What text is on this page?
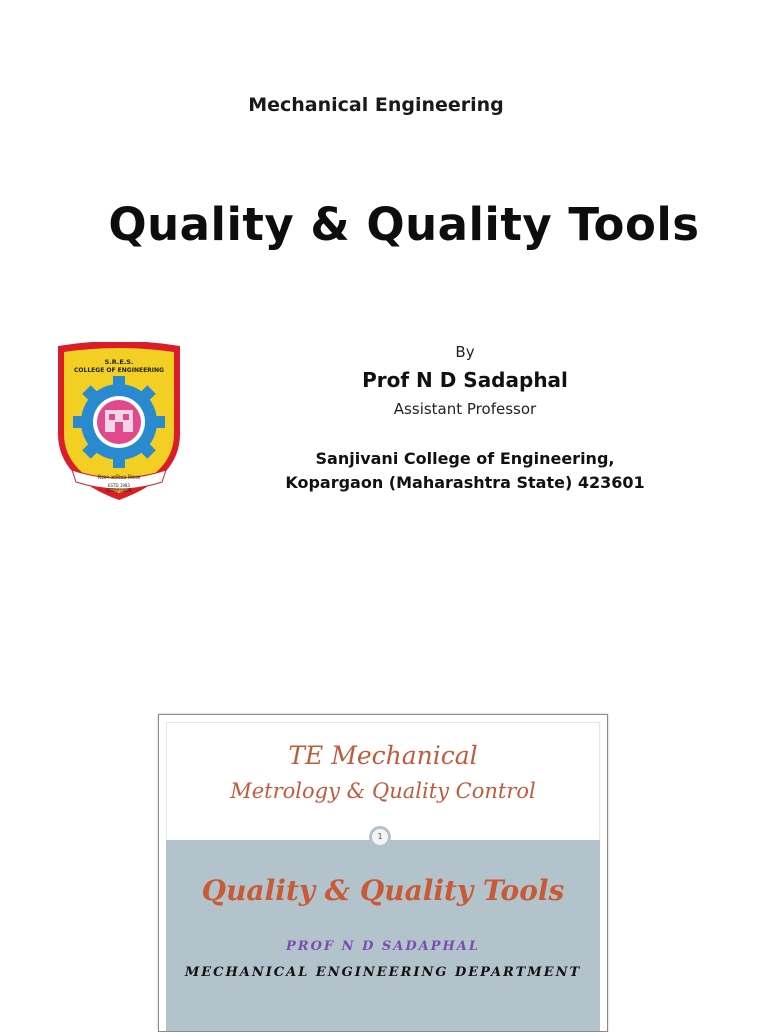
Mechanical Engineering
Quality & Quality Tools
S.R.E.S.
COLLEGE OF ENGINEERING
विज्ञान आधिशत विकास
ESTD 1983
KOPARGAON
By
Prof N D Sadaphal
Assistant Professor
Sanjivani College of Engineering,
Kopargaon (Maharashtra State) 423601
TE Mechanical
Metrology & Quality Control
1
Quality & Quality Tools
PROF N D SADAPHAL
MECHANICAL ENGINEERING DEPARTMENT
